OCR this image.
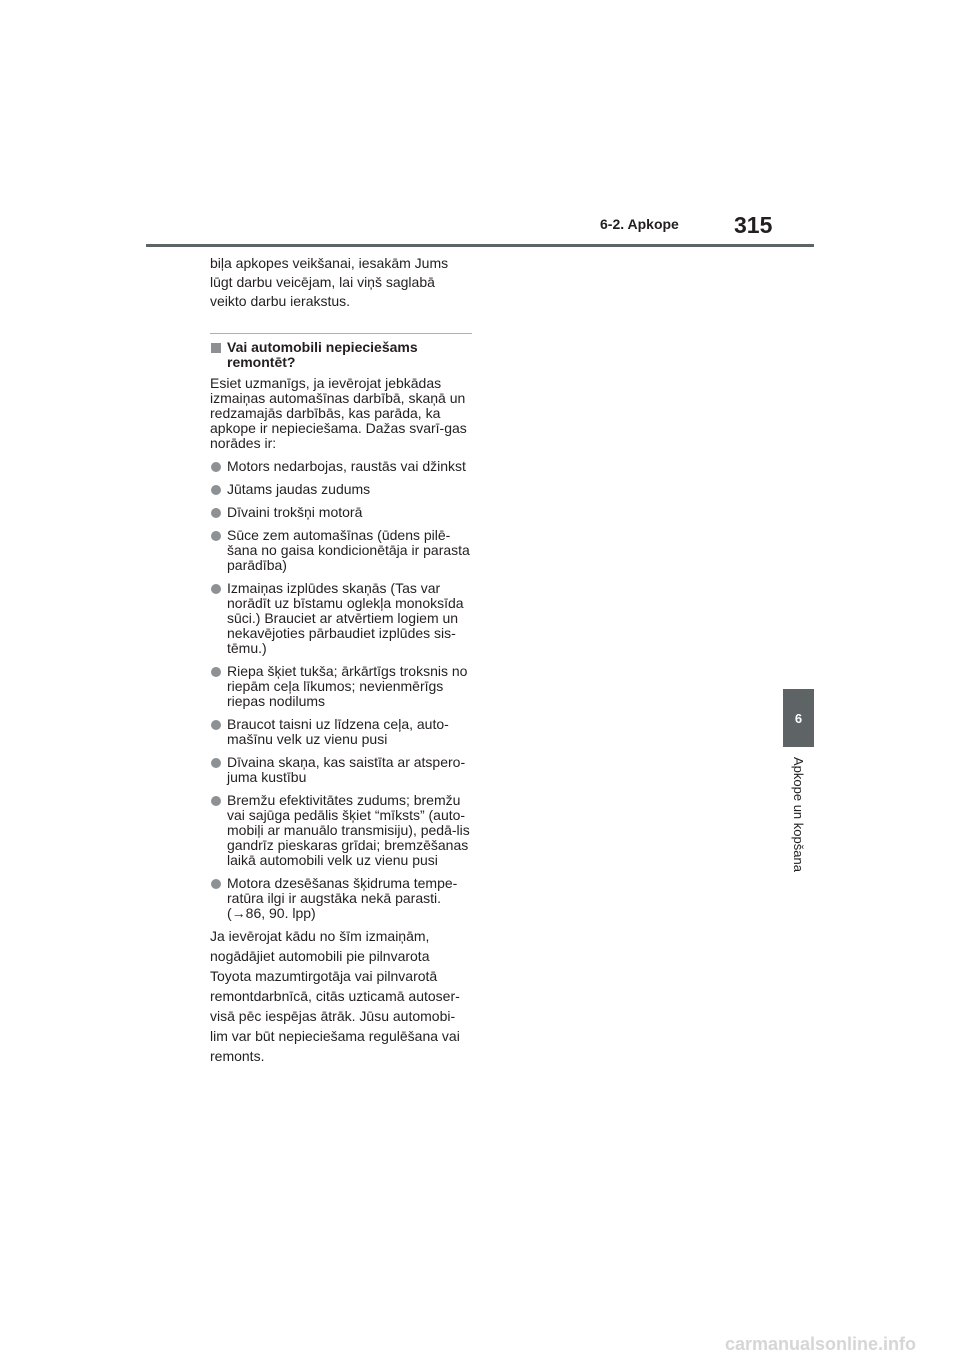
6-2. Apkope 315
6
Apkope un kopšana

biļa apkopes veikšanai, iesakām Jums lūgt darbu veicējam, lai viņš saglabā veikto darbu ierakstus.

Vai automobili nepieciešams remontēt?

Esiet uzmanīgs, ja ievērojat jebkādas izmaiņas automašīnas darbībā, skaņā un redzamajās darbībās, kas parāda, ka apkope ir nepieciešama. Dažas svarī-gas norādes ir:

Motors nedarbojas, raustās vai džinkst
Jūtams jaudas zudums
Dīvaini trokšņi motorā
Sūce zem automašīnas (ūdens pilē-šana no gaisa kondicionētāja ir parasta parādība)
Izmaiņas izplūdes skaņās (Tas var norādīt uz bīstamu oglekļa monoksīda sūci.) Brauciet ar atvērtiem logiem un nekavējoties pārbaudiet izplūdes sis-tēmu.)
Riepa šķiet tukša; ārkārtīgs troksnis no riepām ceļa līkumos; nevienmērīgs riepas nodilums
Braucot taisni uz līdzena ceļa, auto-mašīnu velk uz vienu pusi
Dīvaina skaņa, kas saistīta ar atspero-juma kustību
Bremžu efektivitātes zudums; bremžu vai sajūga pedālis šķiet “mīksts” (auto-mobiļi ar manuālo transmisiju), pedā-lis gandrīz pieskaras grīdai; bremzēšanas laikā automobili velk uz vienu pusi
Motora dzesēšanas šķidruma tempe-ratūra ilgi ir augstāka nekā parasti.(→86, 90. lpp)

Ja ievērojat kādu no šīm izmaiņām, nogādājiet automobili pie pilnvarota Toyota mazumtirgotāja vai pilnvarotā remontdarbnīcā, citās uzticamā autoser-visā pēc iespējas ātrāk. Jūsu automobi-lim var būt nepieciešama regulēšana vai remonts.

carmanualsonline.info
